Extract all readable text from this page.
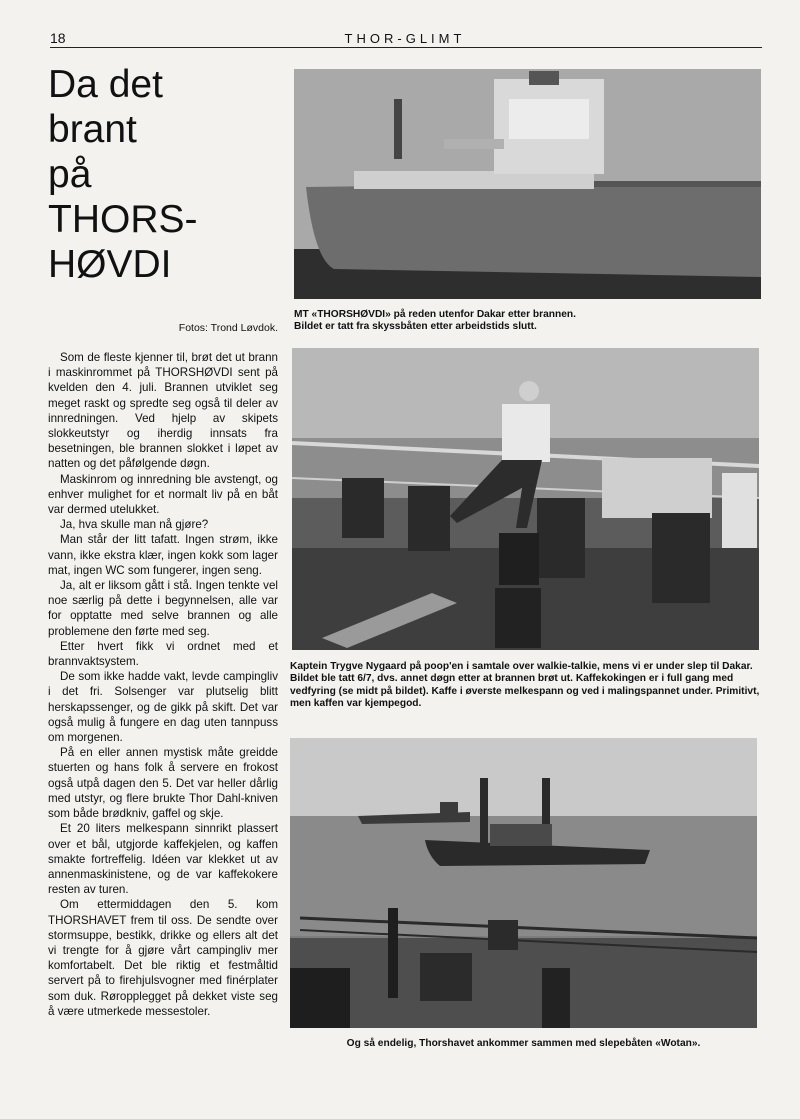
18	THOR-GLIMT
Da det
brant
på
THORS-
HØVDI
Fotos: Trond Løvdok.

Som de fleste kjenner til, brøt det ut brann i maskinrommet på THORSHØVDI sent på kvelden den 4. juli. Brannen utviklet seg meget raskt og spredte seg også til deler av innredningen. Ved hjelp av skipets slokkeutstyr og iherdig innsats fra besetningen, ble brannen slokket i løpet av natten og det påfølgende døgn.

Maskinrom og innredning ble avstengt, og enhver mulighet for et normalt liv på en båt var dermed utelukket.

Ja, hva skulle man nå gjøre?

Man står der litt tafatt. Ingen strøm, ikke vann, ikke ekstra klær, ingen kokk som lager mat, ingen WC som fungerer, ingen seng.

Ja, alt er liksom gått i stå. Ingen tenkte vel noe særlig på dette i begynnelsen, alle var for opptatte med selve brannen og alle problemene den førte med seg.

Etter hvert fikk vi ordnet med et brannvaktsystem.

De som ikke hadde vakt, levde campingliv i det fri. Solsenger var plutselig blitt herskapssenger, og de gikk på skift. Det var også mulig å fungere en dag uten tannpuss om morgenen.

På en eller annen mystisk måte greidde stuerten og hans folk å servere en frokost også utpå dagen den 5. Det var heller dårlig med utstyr, og flere brukte Thor Dahl-kniven som både brødkniv, gaffel og skje.

Et 20 liters melkespann sinnrikt plassert over et bål, utgjorde kaffekjelen, og kaffen smakte fortreffelig. Idéen var klekket ut av annenmaskinistene, og de var kaffekokere resten av turen.

Om ettermiddagen den 5. kom THORSHAVET frem til oss. De sendte over stormsuppe, bestikk, drikke og ellers alt det vi trengte for å gjøre vårt campingliv mer komfortabelt. Det ble riktig et festmåltid servert på to firehjulsvogner med finérplater som duk. Røropplegget på dekket viste seg å være utmerkede messestoler.

MT «THORSHØVDI» på reden utenfor Dakar etter brannen.
Bildet er tatt fra skyssbåten etter arbeidstids slutt.
Kaptein Trygve Nygaard på poop'en i samtale over walkie-talkie, mens vi er under slep til Dakar.
Bildet ble tatt 6/7, dvs. annet døgn etter at brannen brøt ut. Kaffekokingen er i full gang med vedfyring (se midt på bildet). Kaffe i øverste melkespann og ved i malingspannet under. Primitivt, men kaffen var kjempegod.
Og så endelig, Thorshavet ankommer sammen med slepebåten «Wotan».
